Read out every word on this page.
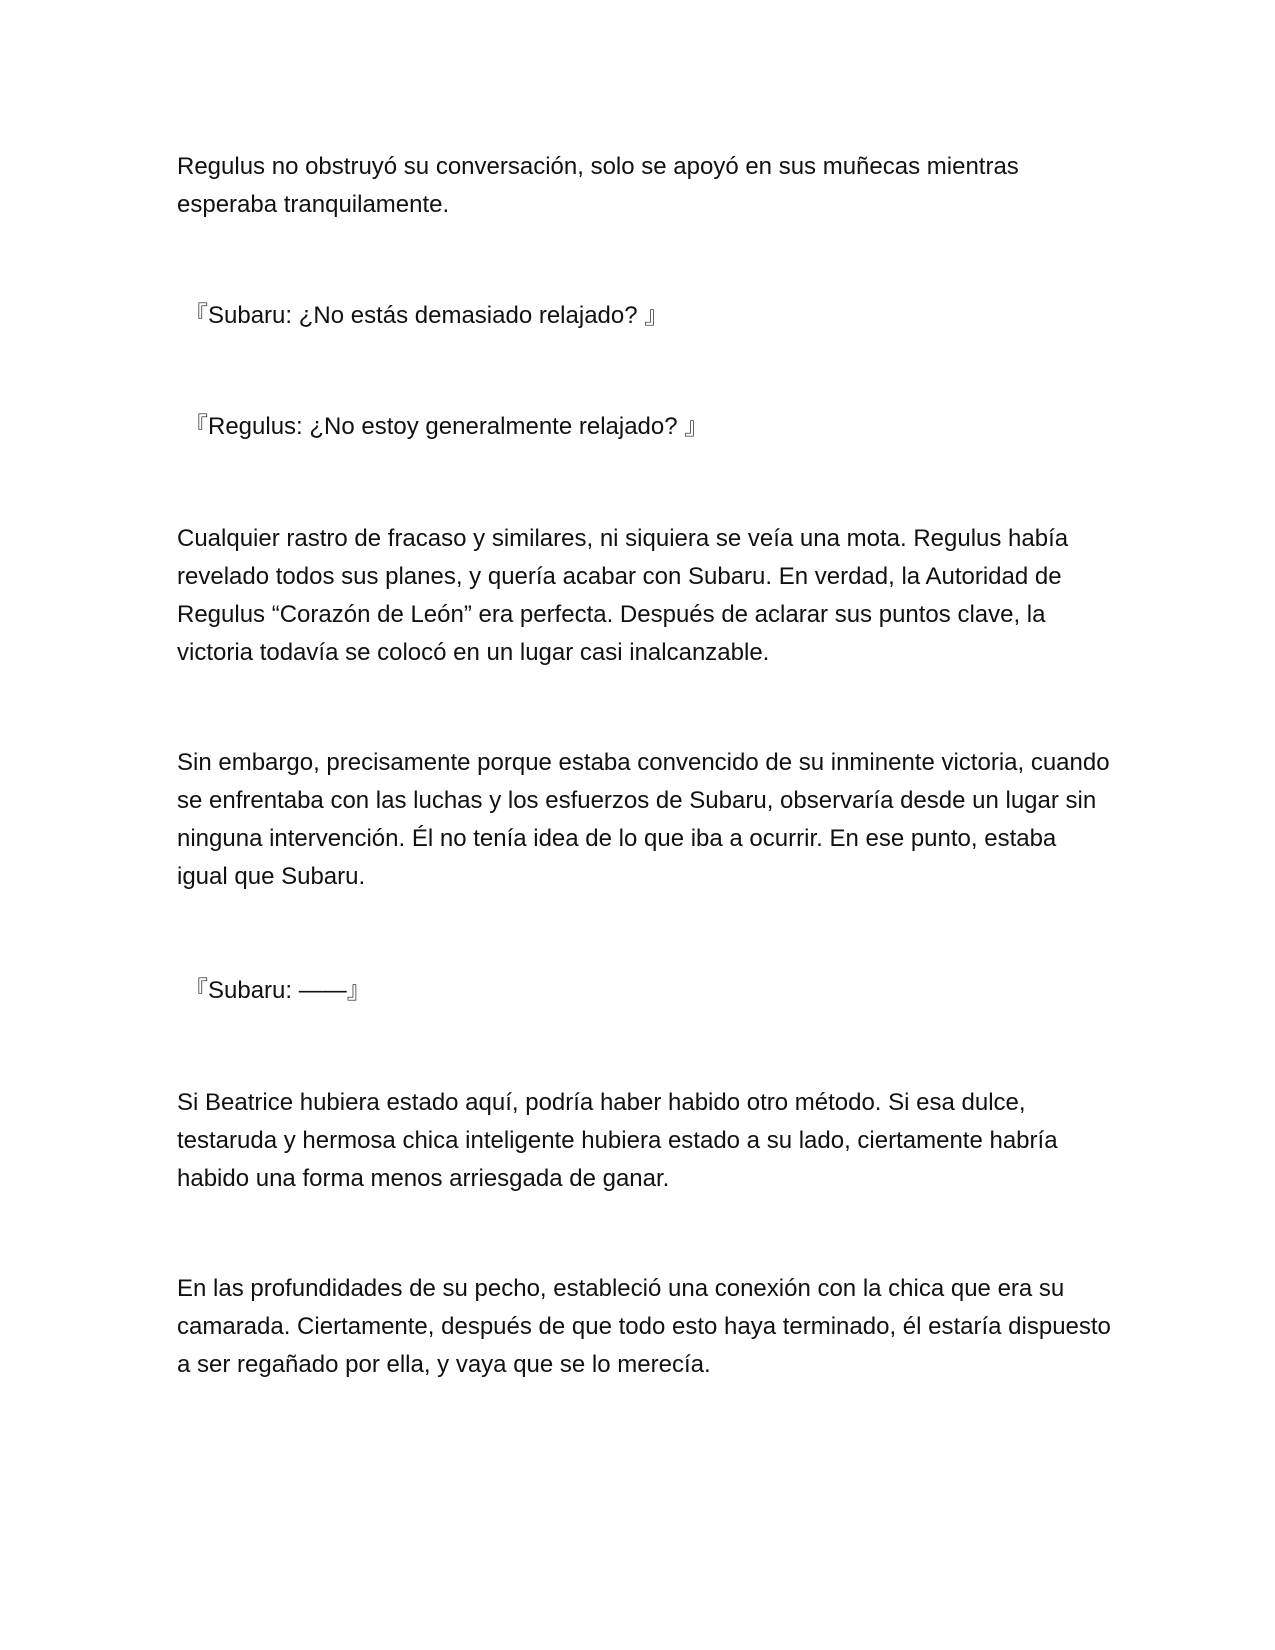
Regulus no obstruyó su conversación, solo se apoyó en sus muñecas mientras esperaba tranquilamente.

『Subaru: ¿No estás demasiado relajado? 』

『Regulus: ¿No estoy generalmente relajado? 』

Cualquier rastro de fracaso y similares, ni siquiera se veía una mota. Regulus había revelado todos sus planes, y quería acabar con Subaru. En verdad, la Autoridad de Regulus “Corazón de León” era perfecta. Después de aclarar sus puntos clave, la victoria todavía se colocó en un lugar casi inalcanzable.

Sin embargo, precisamente porque estaba convencido de su inminente victoria, cuando se enfrentaba con las luchas y los esfuerzos de Subaru, observaría desde un lugar sin ninguna intervención. Él no tenía idea de lo que iba a ocurrir. En ese punto, estaba igual que Subaru.

『Subaru: ——』

Si Beatrice hubiera estado aquí, podría haber habido otro método. Si esa dulce, testaruda y hermosa chica inteligente hubiera estado a su lado, ciertamente habría habido una forma menos arriesgada de ganar.

En las profundidades de su pecho, estableció una conexión con la chica que era su camarada. Ciertamente, después de que todo esto haya terminado, él estaría dispuesto a ser regañado por ella, y vaya que se lo merecía.
